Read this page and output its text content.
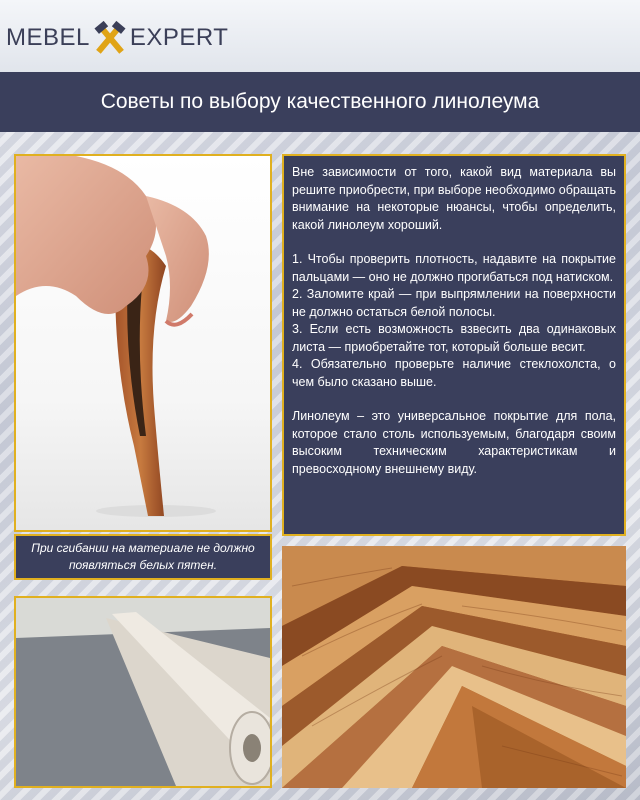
MEBEL EXPERT
Советы по выбору качественного линолеума
При сгибании на материале не должно появляться белых пятен.

Вне зависимости от того, какой вид материала вы решите приобрести, при выборе необходимо обращать внимание на некоторые нюансы, чтобы определить, какой линолеум хороший.

1. Чтобы проверить плотность, надавите на покрытие пальцами — оно не должно прогибаться под натиском.

2. Заломите край — при выпрямлении на поверхности не должно остаться белой полосы.

3. Если есть возможность взвесить два одинаковых листа — приобретайте тот, который больше весит.

4. Обязательно проверьте наличие стеклохолста, о чем было сказано выше.

Линолеум – это универсальное покрытие для пола, которое стало столь используемым, благодаря своим высоким техническим характеристикам и превосходному внешнему виду.
